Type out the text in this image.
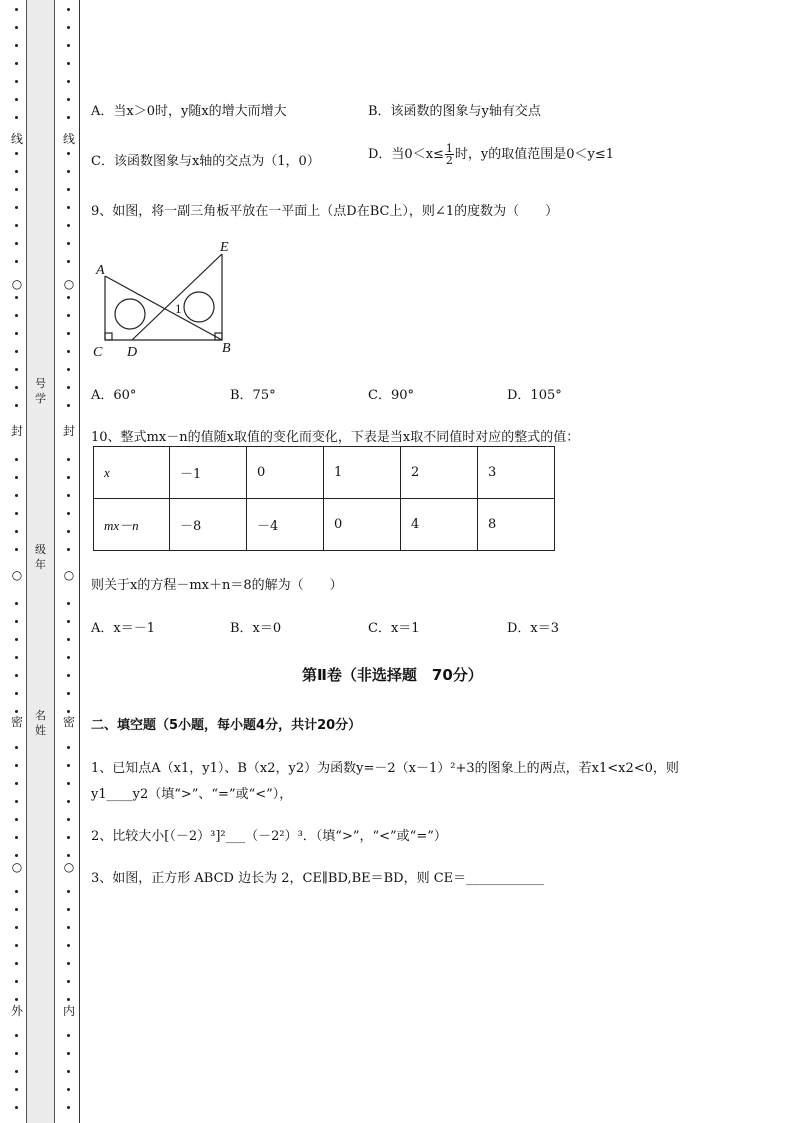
线
○
封
○
密
○
外
号
学
级
年
名
姓
线
○
封
○
密
○
内
A．当x＞0时，y随x的增大而增大	B．该函数的图象与y轴有交点
C．该函数图象与x轴的交点为（1，0）	D．当$0<x\le \frac{1}{2}$ 时，y的取值范围是0＜y≤1
9、如图，将一副三角板平放在一平面上（点D在BC上），则∠1的度数为（　　）
A
E
C D	B
1
A．60°	B．75°	C．90°	D．105°
10、整式mx－n的值随x取值的变化而变化，下表是当x取不同值时对应的整式的值：
x	－1	0	1	2	3
mx－n	－8	－4	0	4	8
则关于x的方程－mx＋n＝8的解为（　　）
A．x＝－1	B．x＝0	C．x＝1	D．x＝3
第Ⅱ卷（非选择题　70分）
二、填空题（5小题，每小题4分，共计20分）
1、已知点A（x1，y1）、B（x2，y2）为函数y=－2（x－1）²+3的图象上的两点，若x1<x2<0，则
y1____y2（填“>”、“=”或“<”），
2、比较大小[（－2）³]²___（－2²）³．（填“>”，“<”或“=”）
3、如图，正方形 ABCD 边长为 2，CE∥BD,BE＝BD，则 CE＝____________
